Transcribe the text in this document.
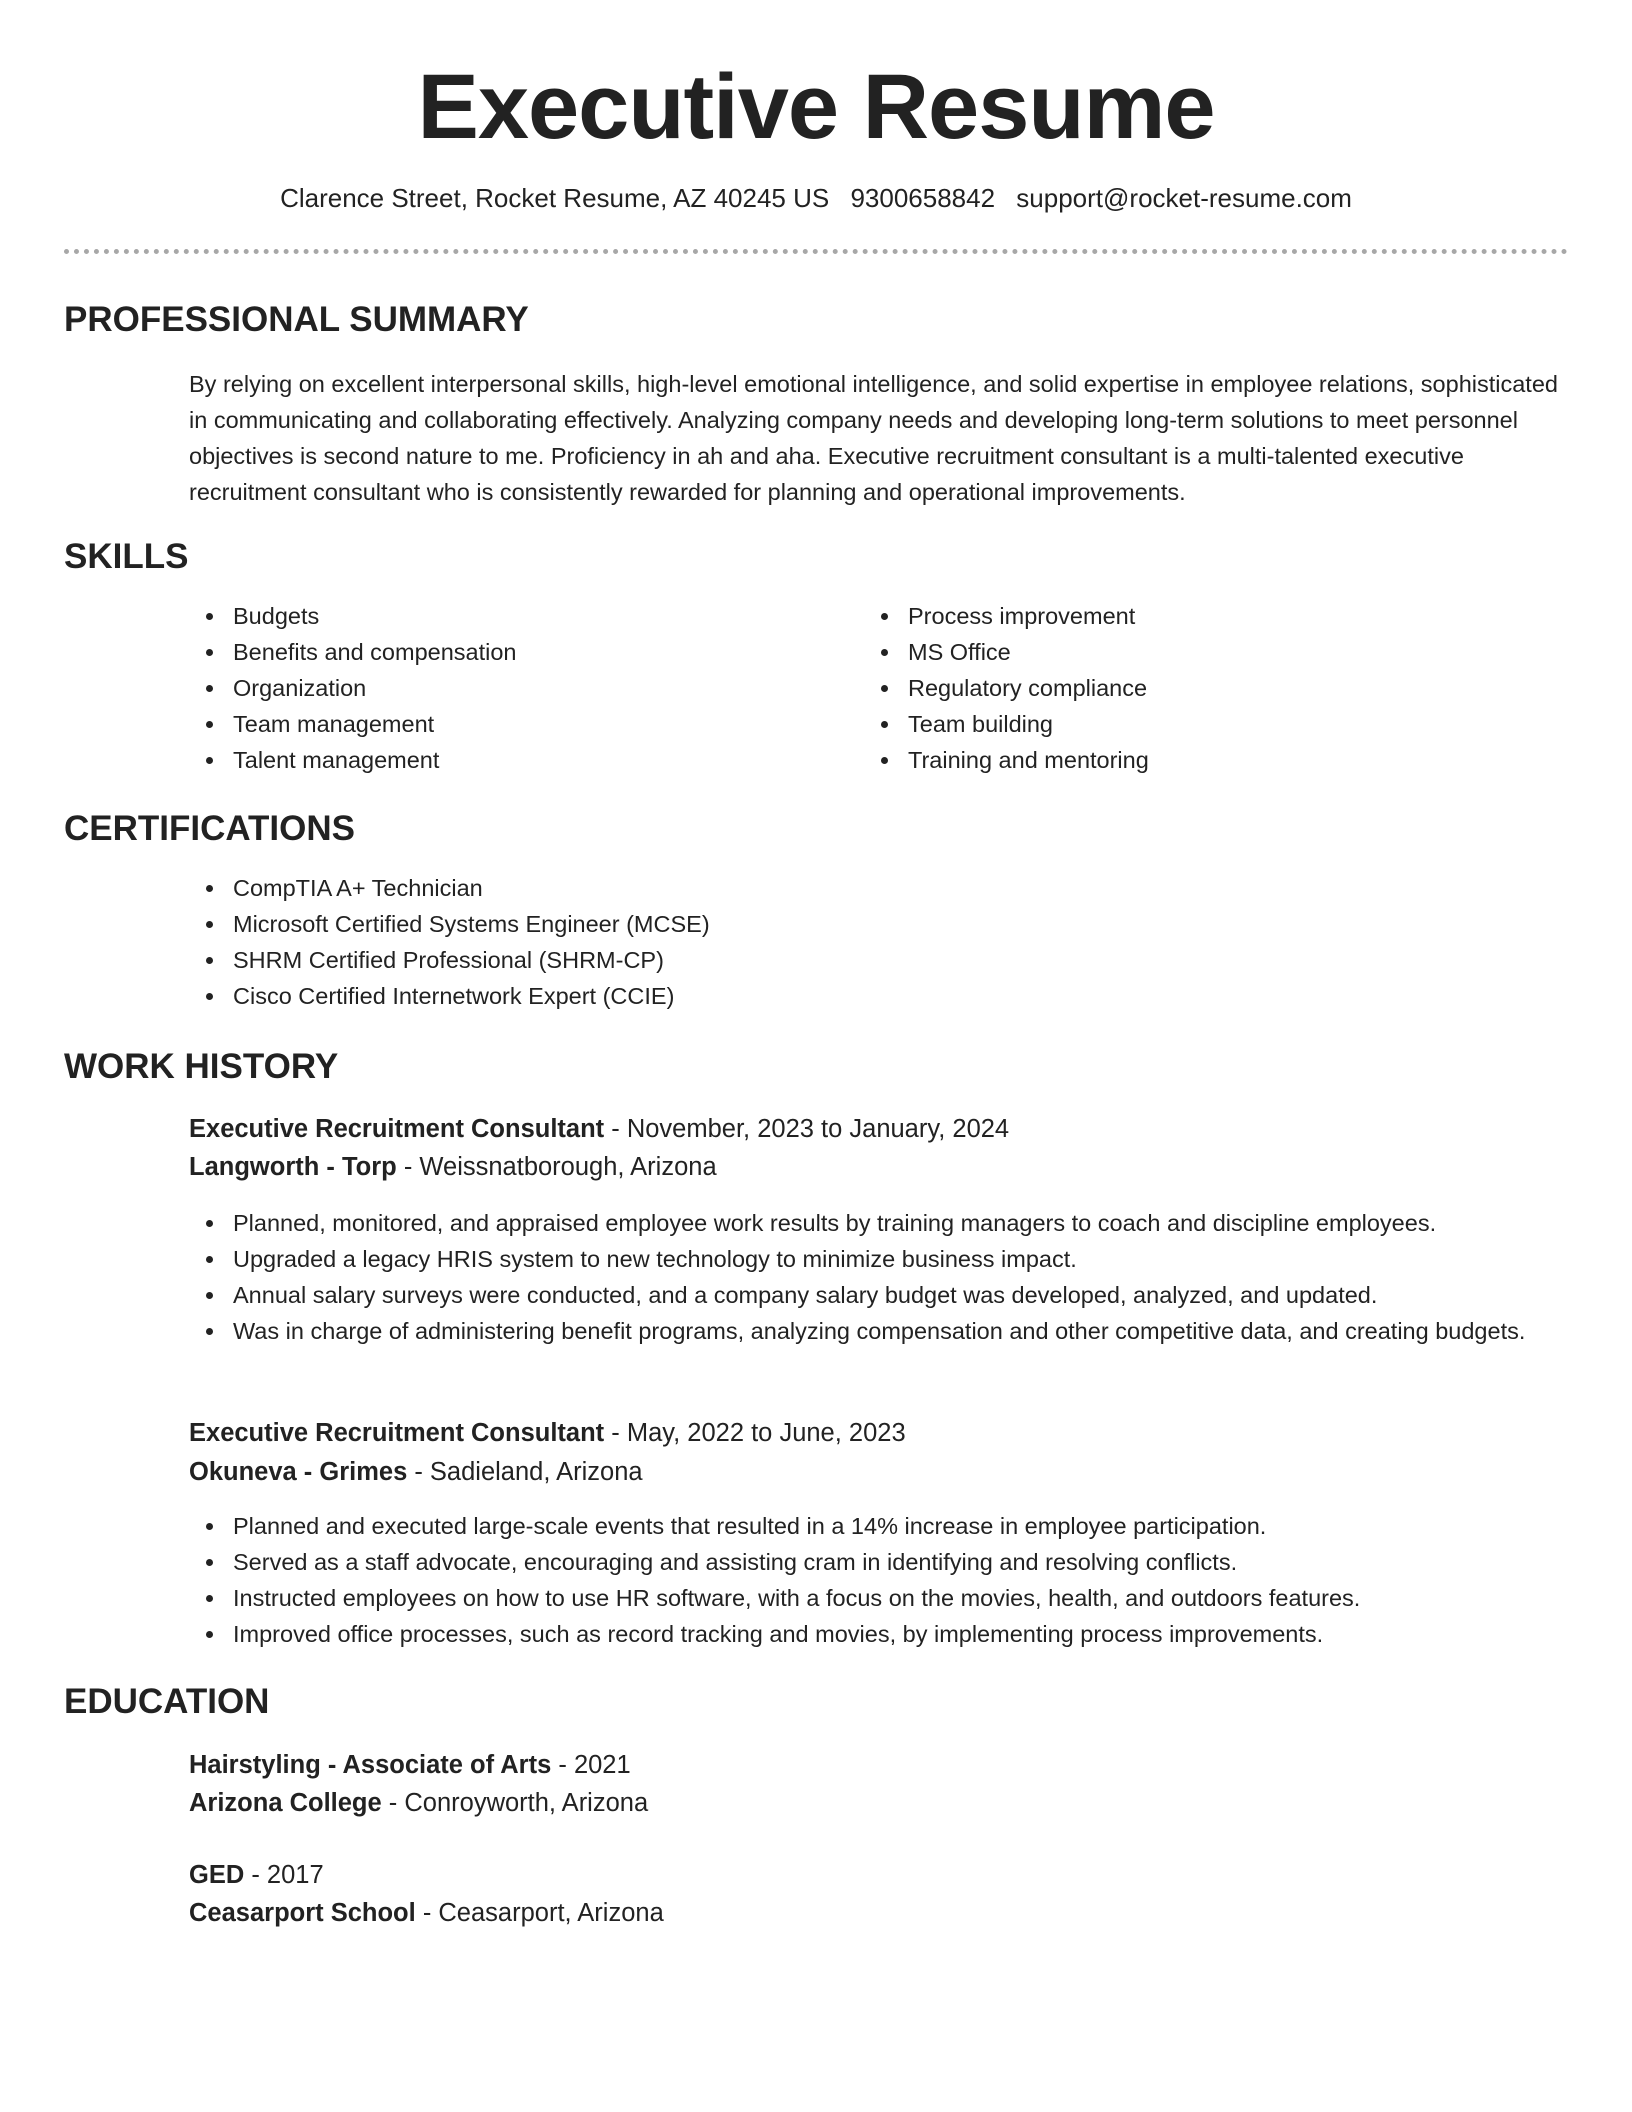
Executive Resume
Clarence Street, Rocket Resume, AZ 40245 US 9300658842 support@rocket-resume.com
PROFESSIONAL SUMMARY

By relying on excellent interpersonal skills, high-level emotional intelligence, and solid expertise in employee relations, sophisticated in communicating and collaborating effectively. Analyzing company needs and developing long-term solutions to meet personnel objectives is second nature to me. Proficiency in ah and aha. Executive recruitment consultant is a multi-talented executive recruitment consultant who is consistently rewarded for planning and operational improvements.

SKILLS
Budgets
Benefits and compensation
Organization
Team management
Talent management
Process improvement
MS Office
Regulatory compliance
Team building
Training and mentoring
CERTIFICATIONS
CompTIA A+ Technician
Microsoft Certified Systems Engineer (MCSE)
SHRM Certified Professional (SHRM-CP)
Cisco Certified Internetwork Expert (CCIE)
WORK HISTORY
Executive Recruitment Consultant - November, 2023 to January, 2024
Langworth - Torp - Weissnatborough, Arizona
Planned, monitored, and appraised employee work results by training managers to coach and discipline employees.
Upgraded a legacy HRIS system to new technology to minimize business impact.
Annual salary surveys were conducted, and a company salary budget was developed, analyzed, and updated.
Was in charge of administering benefit programs, analyzing compensation and other competitive data, and creating budgets.
Executive Recruitment Consultant - May, 2022 to June, 2023
Okuneva - Grimes - Sadieland, Arizona
Planned and executed large-scale events that resulted in a 14% increase in employee participation.
Served as a staff advocate, encouraging and assisting cram in identifying and resolving conflicts.
Instructed employees on how to use HR software, with a focus on the movies, health, and outdoors features.
Improved office processes, such as record tracking and movies, by implementing process improvements.
EDUCATION
Hairstyling - Associate of Arts - 2021
Arizona College - Conroyworth, Arizona
GED - 2017
Ceasarport School - Ceasarport, Arizona
